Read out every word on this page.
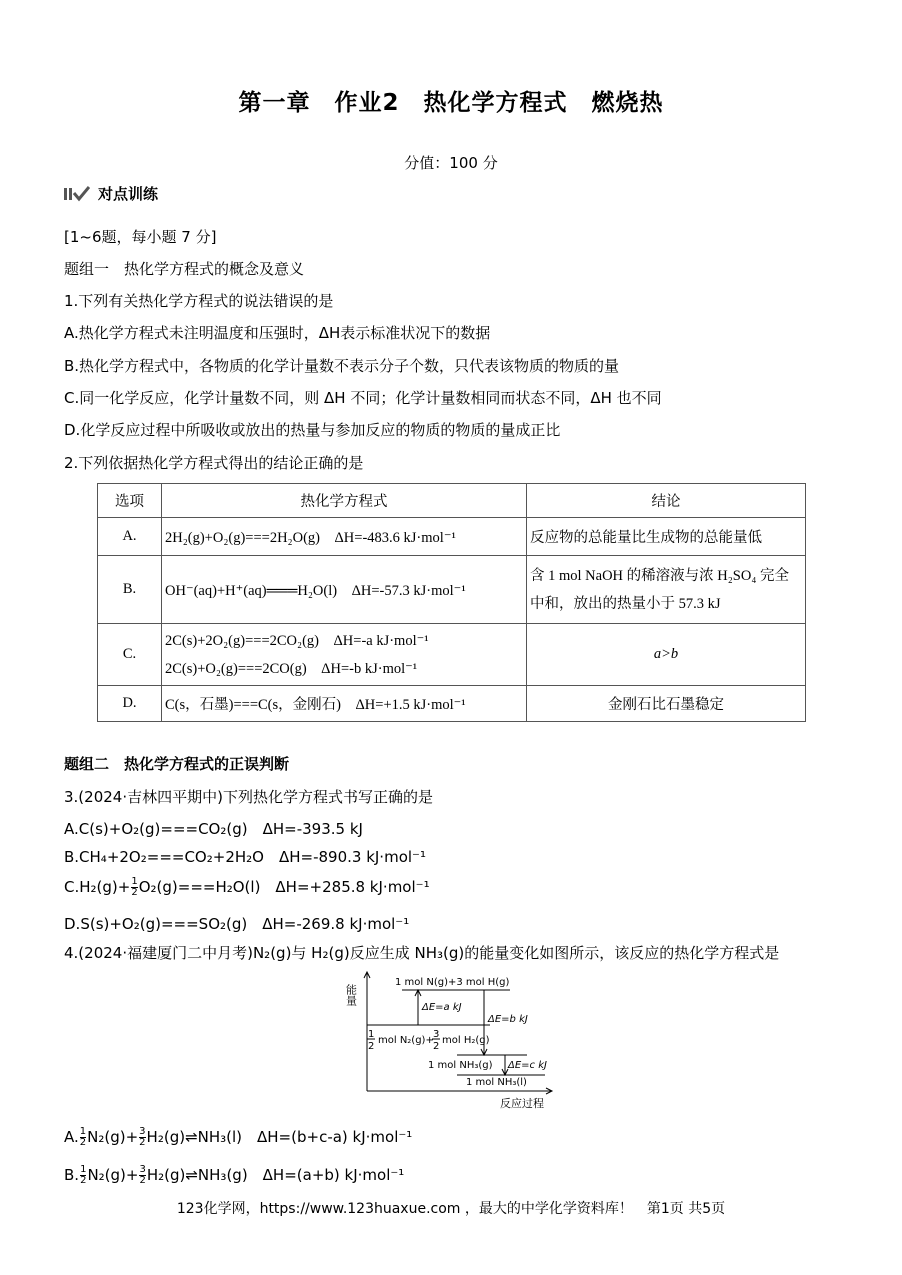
第一章　作业2　热化学方程式　燃烧热
分值：100 分
对点训练
[1~6题，每小题 7 分]
题组一　热化学方程式的概念及意义
1.下列有关热化学方程式的说法错误的是
A.热化学方程式未注明温度和压强时，ΔH表示标准状况下的数据
B.热化学方程式中，各物质的化学计量数不表示分子个数，只代表该物质的物质的量
C.同一化学反应，化学计量数不同，则 ΔH 不同；化学计量数相同而状态不同，ΔH 也不同
D.化学反应过程中所吸收或放出的热量与参加反应的物质的物质的量成正比
2.下列依据热化学方程式得出的结论正确的是
选项	热化学方程式	结论
A.	2H₂(g)+O₂(g)===2H₂O(g)　ΔH=-483.6 kJ·mol⁻¹	反应物的总能量比生成物的总能量低
B.	OH⁻(aq)+H⁺(aq)═══H₂O(l)　ΔH=-57.3 kJ·mol⁻¹	含 1 mol NaOH 的稀溶液与浓 H₂SO₄ 完全中和，放出的热量小于 57.3 kJ
C.	2C(s)+2O₂(g)===2CO₂(g)　ΔH=-a kJ·mol⁻¹
2C(s)+O₂(g)===2CO(g)　ΔH=-b kJ·mol⁻¹	a>b
D.	C(s，石墨)===C(s，金刚石)　ΔH=+1.5 kJ·mol⁻¹	金刚石比石墨稳定
题组二　热化学方程式的正误判断
3.(2024·吉林四平期中)下列热化学方程式书写正确的是
A.C(s)+O₂(g)===CO₂(g)　ΔH=-393.5 kJ
B.CH₄+2O₂===CO₂+2H₂O　ΔH=-890.3 kJ·mol⁻¹
$C.H_2(g)+ \frac{1}{2} O_2(g)===H_2O(l)$　ΔH=+285.8 kJ·mol⁻¹
D.S(s)+O₂(g)===SO₂(g)　ΔH=-269.8 kJ·mol⁻¹
4.(2024·福建厦门二中月考)N₂(g)与 H₂(g)反应生成 NH₃(g)的能量变化如图所示，该反应的热化学方程式是
能量
反应过程
1 mol N(g)+3 mol H(g)
ΔE=a kJ
ΔE=b kJ
1
2
mol N₂(g)+
3
2
mol H₂(g)
1 mol NH₃(g) ΔE=c kJ
1 mol NH₃(l)
A. $\frac{1}{2} N_2(g)+ \frac{3}{2}$ H₂(g)⇌NH₃(l)　ΔH=(b+c-a) kJ·mol⁻¹
B. $\frac{1}{2} N_2(g)+ \frac{3}{2}$ H₂(g)⇌NH₃(g)　ΔH=(a+b) kJ·mol⁻¹
123化学网，https://www.123huaxue.com ，最大的中学化学资料库！　第1页 共5页
